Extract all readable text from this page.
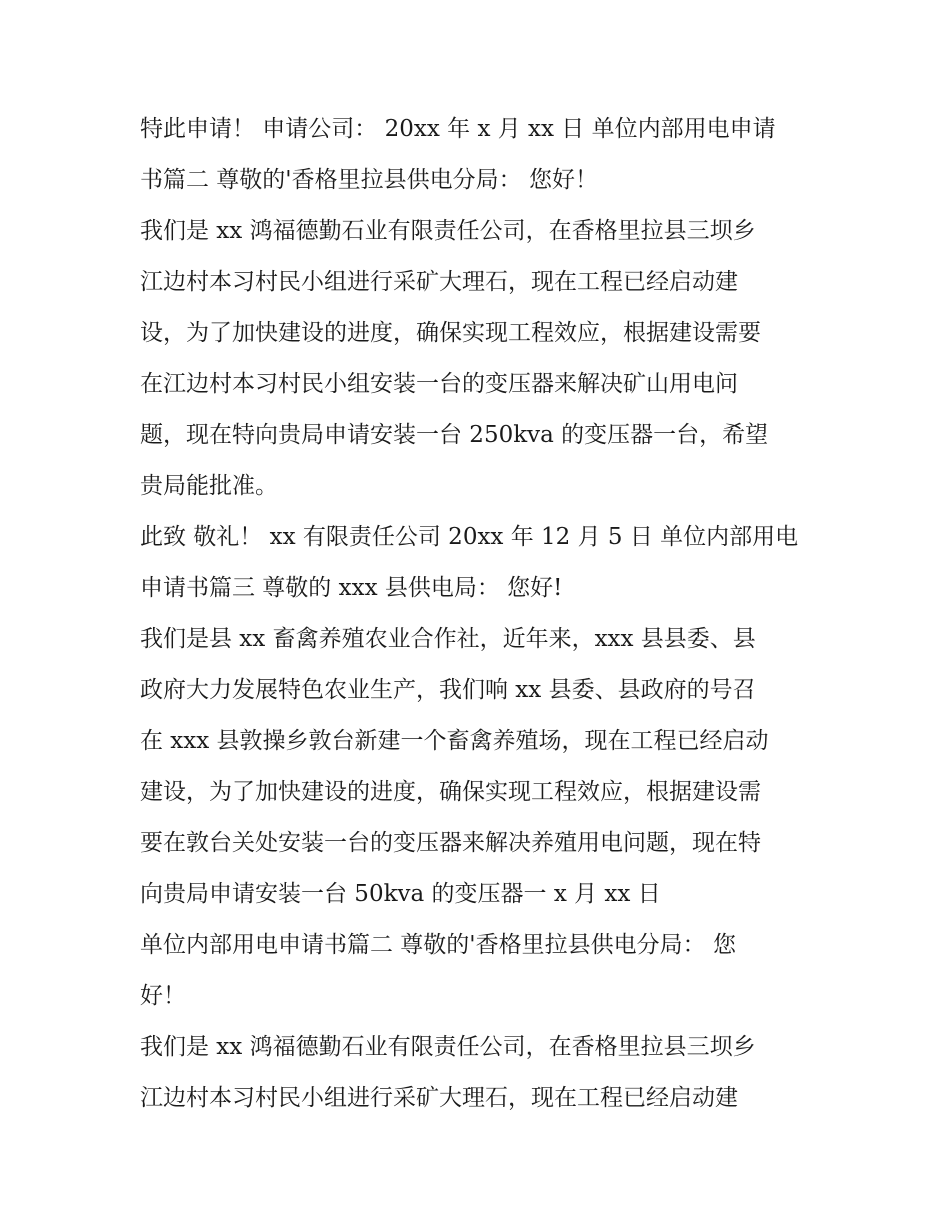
特此申请！ 申请公司： 20xx 年 x 月 xx 日 单位内部用电申请
书篇二 尊敬的'香格里拉县供电分局： 您好！
我们是 xx 鸿福德勤石业有限责任公司，在香格里拉县三坝乡
江边村本习村民小组进行采矿大理石，现在工程已经启动建
设，为了加快建设的进度，确保实现工程效应，根据建设需要
在江边村本习村民小组安装一台的变压器来解决矿山用电问
题，现在特向贵局申请安装一台 250kva 的变压器一台，希望
贵局能批准。
此致 敬礼！ xx 有限责任公司 20xx 年 12 月 5 日 单位内部用电
申请书篇三 尊敬的 xxx 县供电局： 您好!
我们是县 xx 畜禽养殖农业合作社，近年来，xxx 县县委、县
政府大力发展特色农业生产，我们响 xx 县委、县政府的号召
在 xxx 县敦操乡敦台新建一个畜禽养殖场，现在工程已经启动
建设，为了加快建设的进度，确保实现工程效应，根据建设需
要在敦台关处安装一台的变压器来解决养殖用电问题，现在特
向贵局申请安装一台 50kva 的变压器一 x 月 xx 日
单位内部用电申请书篇二 尊敬的'香格里拉县供电分局： 您
好！
我们是 xx 鸿福德勤石业有限责任公司，在香格里拉县三坝乡
江边村本习村民小组进行采矿大理石，现在工程已经启动建
